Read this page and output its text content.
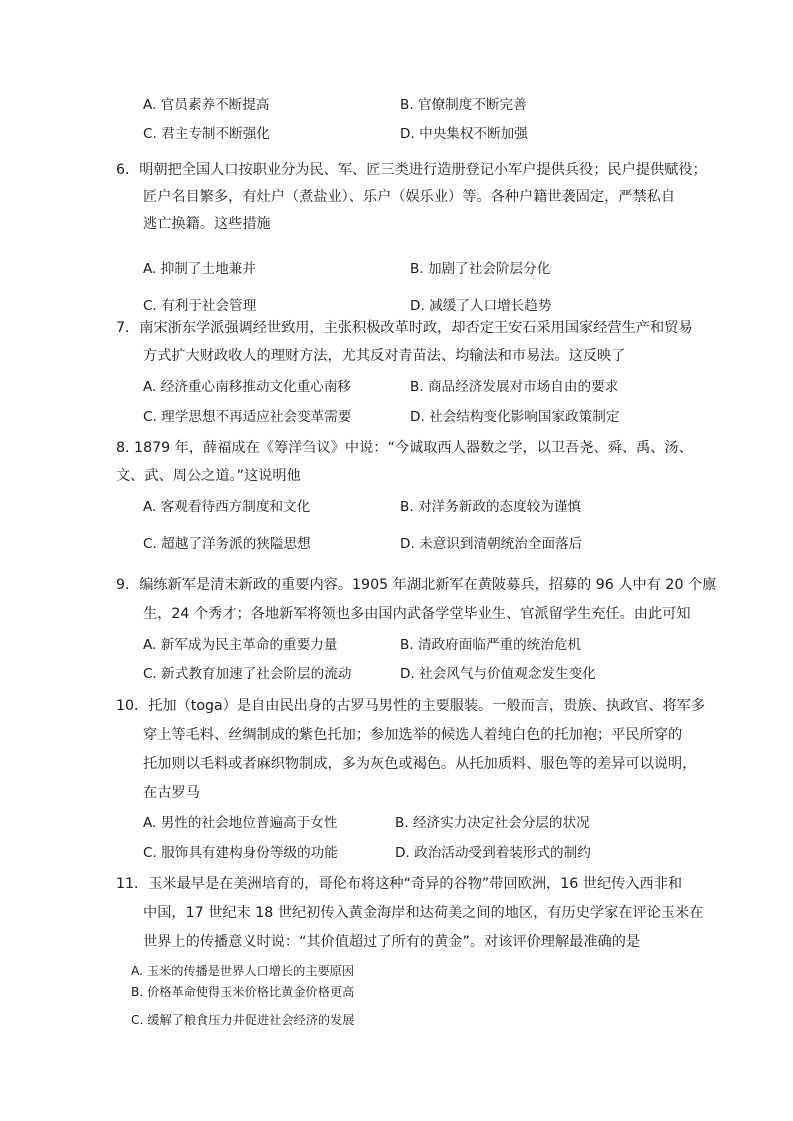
A. 官员素养不断提高	B. 官僚制度不断完善
C. 君主专制不断强化	D. 中央集权不断加强
6．明朝把全国人口按职业分为民、军、匠三类进行造册登记小军户提供兵役；民户提供赋役；
匠户名目繁多，有灶户（煮盐业）、乐户（娱乐业）等。各种户籍世袭固定，严禁私自
逃亡换籍。这些措施
A. 抑制了土地兼并	B. 加剧了社会阶层分化
C. 有利于社会管理	D. 减缓了人口增长趋势
7．南宋浙东学派强调经世致用，主张积极改革时政，却否定王安石采用国家经营生产和贸易
方式扩大财政收人的理财方法，尤其反对青苗法、均输法和市易法。这反映了
A. 经济重心南移推动文化重心南移	B. 商品经济发展对市场自由的要求
C. 理学思想不再适应社会变革需要	D. 社会结构变化影响国家政策制定
8. 1879 年，薛福成在《筹洋刍议》中说：“今诚取西人器数之学，以卫吾尧、舜、禹、汤、
文、武、周公之道。”这说明他
A. 客观看待西方制度和文化	B. 对洋务新政的态度较为谨慎
C. 超越了洋务派的狭隘思想	D. 未意识到清朝统治全面落后
9．编练新军是清末新政的重要内容。1905 年湖北新军在黄陂募兵，招募的 96 人中有 20 个廪
生，24 个秀才；各地新军将领也多由国内武备学堂毕业生、官派留学生充任。由此可知
A. 新军成为民主革命的重要力量	B. 清政府面临严重的统治危机
C. 新式教育加速了社会阶层的流动	D. 社会风气与价值观念发生变化
10．托加（toga）是自由民出身的古罗马男性的主要服装。一般而言，贵族、执政官、将军多
穿上等毛料、丝绸制成的紫色托加；参加选举的候选人着纯白色的托加袍；平民所穿的
托加则以毛料或者麻织物制成，多为灰色或褐色。从托加质料、服色等的差异可以说明，
在古罗马
A. 男性的社会地位普遍高于女性	B. 经济实力决定社会分层的状况
C. 服饰具有建构身份等级的功能	D. 政治活动受到着装形式的制约
11．玉米最早是在美洲培育的，哥伦布将这种“奇异的谷物”带回欧洲，16 世纪传入西非和
中国，17 世纪末 18 世纪初传入黄金海岸和达荷美之间的地区，有历史学家在评论玉米在
世界上的传播意义时说：“其价值超过了所有的黄金”。对该评价理解最准确的是
A. 玉米的传播是世界人口增长的主要原因
B. 价格革命使得玉米价格比黄金价格更高
C. 缓解了粮食压力并促进社会经济的发展
